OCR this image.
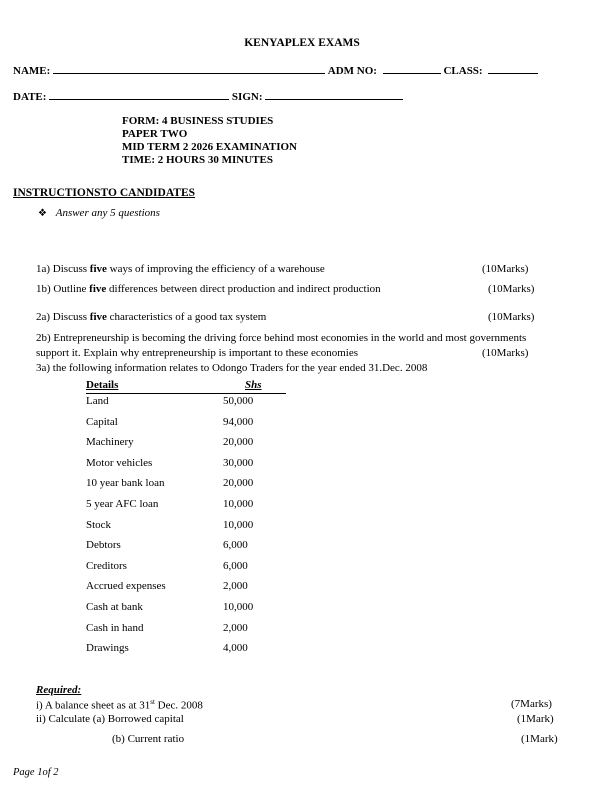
KENYAPLEX EXAMS
NAME:	ADM NO:	CLASS:
DATE:	SIGN:
FORM: 4 BUSINESS STUDIES
PAPER TWO
MID TERM 2 2026 EXAMINATION
TIME: 2 HOURS 30 MINUTES
INSTRUCTIONSTO CANDIDATES
❖ Answer any 5 questions
1a) Discuss five ways of improving the efficiency of a warehouse	(10Marks)
1b) Outline five differences between direct production and indirect production	(10Marks)
2a) Discuss five characteristics of a good tax system	(10Marks)
2b) Entrepreneurship is becoming the driving force behind most economies in the world and most governments
support it. Explain why entrepreneurship is important to these economies	(10Marks)
3a) the following information relates to Odongo Traders for the year ended 31.Dec. 2008
Details	Shs
Land	50,000
Capital	94,000
Machinery	20,000
Motor vehicles	30,000
10 year bank loan	20,000
5 year AFC loan	10,000
Stock	10,000
Debtors	6,000
Creditors	6,000
Accrued expenses	2,000
Cash at bank	10,000
Cash in hand	2,000
Drawings	4,000
Required:
i) A balance sheet as at 31st Dec. 2008	(7Marks)
ii) Calculate (a) Borrowed capital	(1Mark)
(b) Current ratio	(1Mark)
Page 1of 2
